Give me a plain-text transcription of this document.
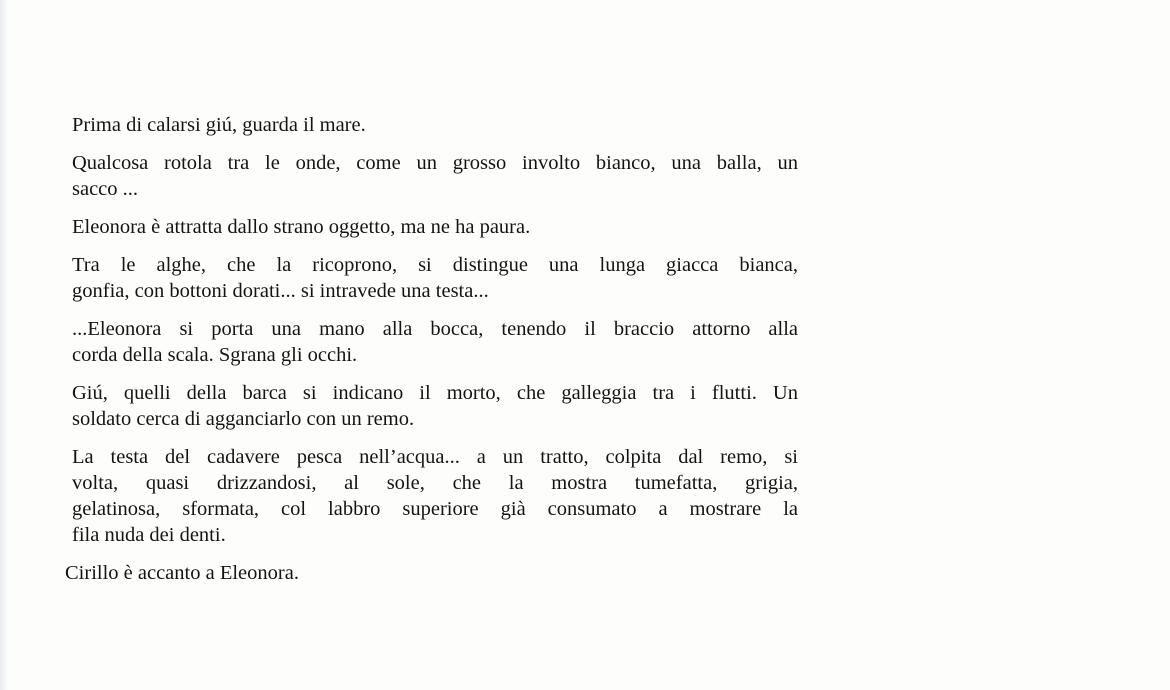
Prima di calarsi giú, guarda il mare.

Qualcosa rotola tra le onde, come un grosso involto bianco, una balla, un
sacco ...

Eleonora è attratta dallo strano oggetto, ma ne ha paura.

Tra le alghe, che la ricoprono, si distingue una lunga giacca bianca,
gonfia, con bottoni dorati... si intravede una testa...

...Eleonora si porta una mano alla bocca, tenendo il braccio attorno alla
corda della scala. Sgrana gli occhi.

Giú, quelli della barca si indicano il morto, che galleggia tra i flutti. Un
soldato cerca di agganciarlo con un remo.

La testa del cadavere pesca nell’acqua... a un tratto, colpita dal remo, si
volta, quasi drizzandosi, al sole, che la mostra tumefatta, grigia,
gelatinosa, sformata, col labbro superiore già consumato a mostrare la
fila nuda dei denti.

Cirillo è accanto a Eleonora.
